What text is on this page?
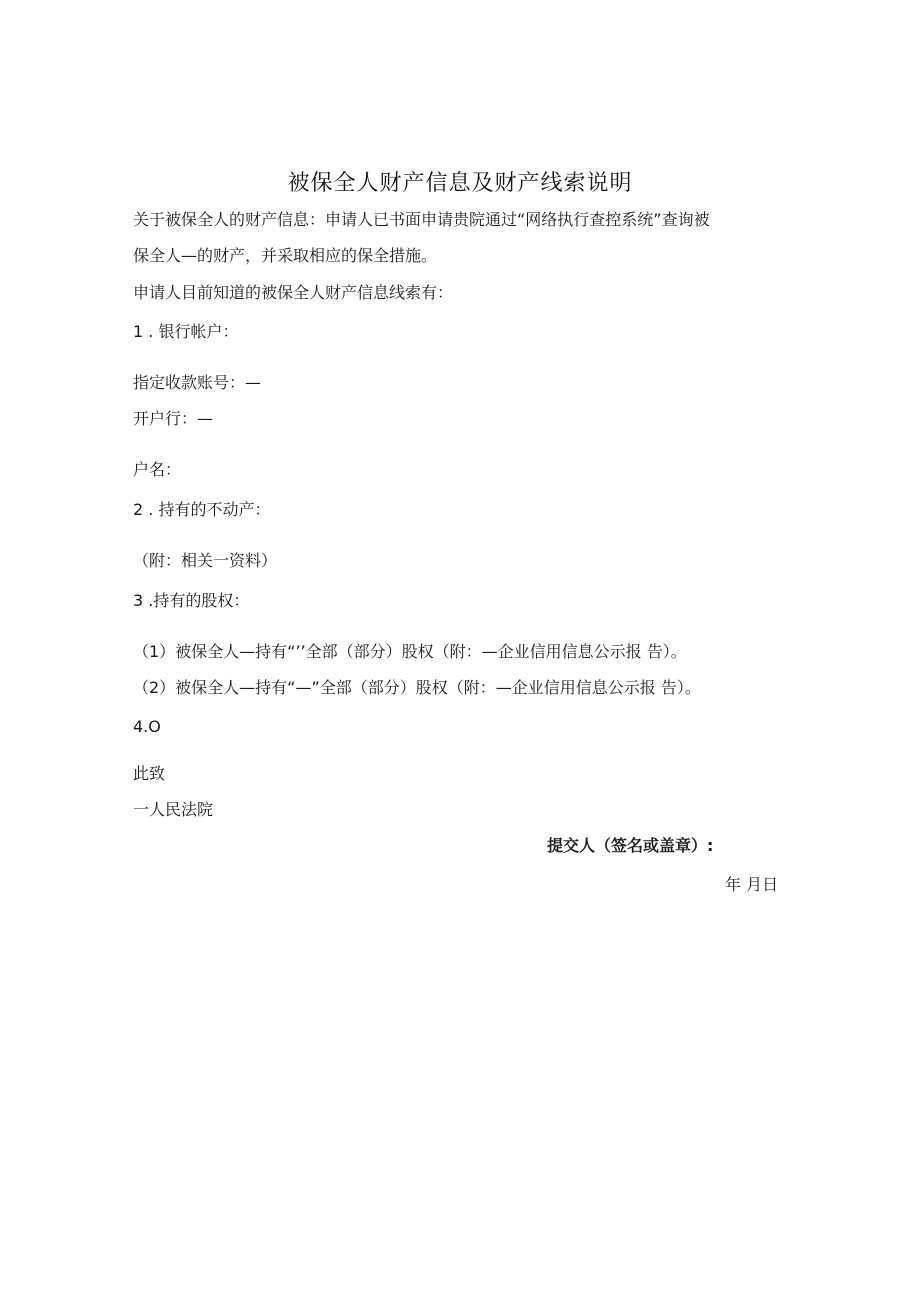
被保全人财产信息及财产线索说明
关于被保全人的财产信息：申请人已书面申请贵院通过“网络执行查控系统”查询被
保全人—的财产，并采取相应的保全措施。
申请人目前知道的被保全人财产信息线索有：
1 . 银行帐户：
指定收款账号：—
开户行：—
户名：
2 . 持有的不动产：
（附：相关一资料）
3 .持有的股权：
（1）被保全人—持有“’’全部（部分）股权（附：—企业信用信息公示报 告）。
（2）被保全人—持有“—”全部（部分）股权（附：—企业信用信息公示报 告）。
4.O
此致
一人民法院
提交人（签名或盖章）:
年 月日
